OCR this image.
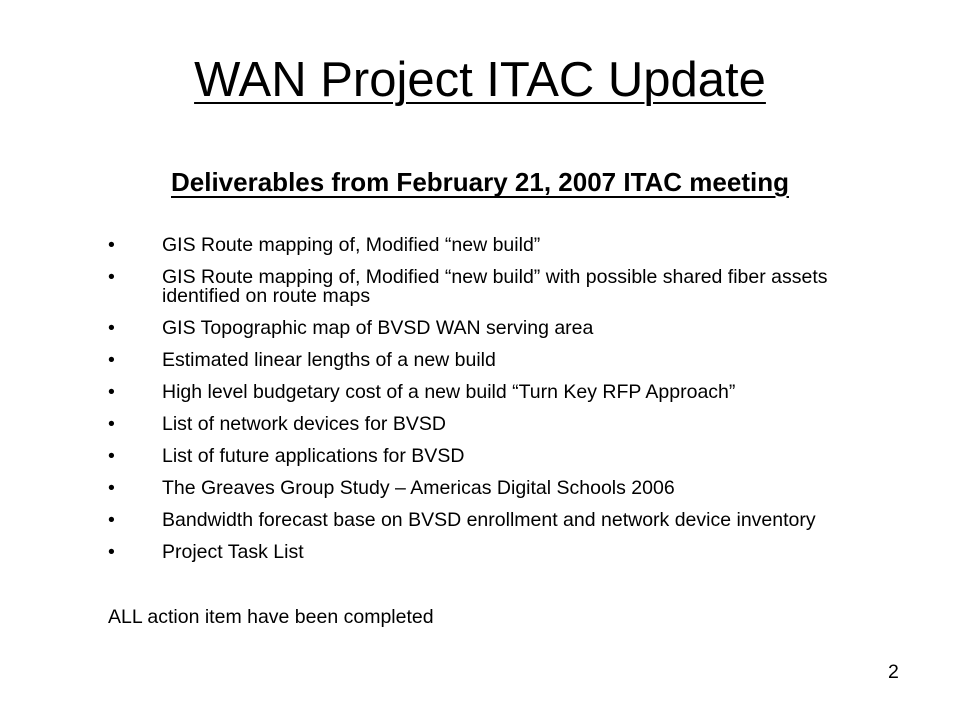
WAN Project ITAC Update
Deliverables from February 21, 2007 ITAC meeting
• GIS Route mapping of, Modified “new build”
• GIS Route mapping of, Modified “new build” with possible shared fiber assets identified on route maps
• GIS Topographic map of BVSD WAN serving area
• Estimated linear lengths of a new build
• High level budgetary cost of a new build “Turn Key RFP Approach”
• List of network devices for BVSD
• List of future applications for BVSD
• The Greaves Group Study – Americas Digital Schools 2006
• Bandwidth forecast base on BVSD enrollment and network device inventory
• Project Task List
ALL action item have been completed
2
